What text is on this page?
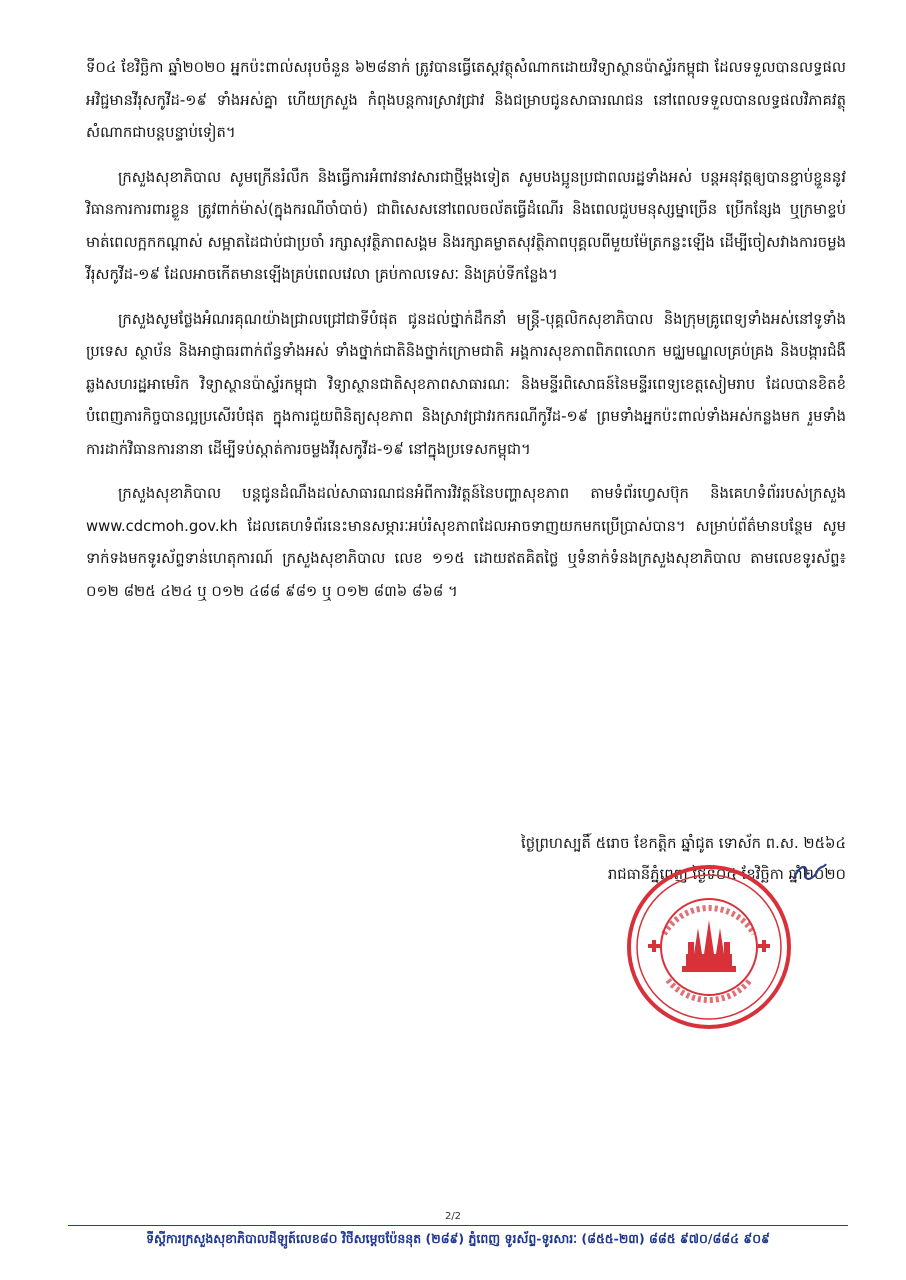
ទី០៤ ខែវិច្ឆិកា ឆ្នាំ២០២០ អ្នកប៉ះពាល់សរុបចំនួន ៦២៨នាក់ ត្រូវបានធ្វើតេស្តវត្ថុសំណាកដោយវិទ្យាស្ថានប៉ាស្ទ័រកម្ពុជា ដែលទទួលបានលទ្ធផល អវិជ្ជមានវីរុសកូវីដ-១៩ ទាំងអស់គ្នា ហើយក្រសួង កំពុងបន្តការស្រាវជ្រាវ និងជម្រាបជូនសាធារណជន នៅពេលទទួលបានលទ្ធផលវិភាគវត្ថុសំណាកជាបន្តបន្ទាប់ទៀត។

ក្រសួងសុខាភិបាល សូមក្រើនរំលឹក និងធ្វើការអំពាវនាវសារជាថ្មីម្តងទៀត សូមបងប្អូនប្រជាពលរដ្ឋទាំងអស់ បន្តអនុវត្តឲ្យបានខ្ជាប់ខ្ជួននូវវិធានការការពារខ្លួន ត្រូវពាក់ម៉ាស់(ក្នុងករណីចាំបាច់) ជាពិសេសនៅពេលចល័តធ្វើដំណើរ និងពេលជួបមនុស្សម្នាច្រើន ប្រើកន្សែង ឬក្រមាខ្ទប់មាត់ពេលក្អកកណ្តាស់ សម្អាតដៃជាប់ជាប្រចាំ រក្សាសុវត្ថិភាពសង្គម និងរក្សាគម្លាតសុវត្ថិភាពបុគ្គលពីមួយម៉ែត្រកន្លះឡើង ដើម្បីចៀសវាងការចម្លងវីរុសកូវីដ-១៩ ដែលអាចកើតមានឡើងគ្រប់ពេលវេលា គ្រប់កាលទេសៈ និងគ្រប់ទីកន្លែង។

ក្រសួងសូមថ្លែងអំណរគុណយ៉ាងជ្រាលជ្រៅជាទីបំផុត ជូនដល់ថ្នាក់ដឹកនាំ មន្ត្រី-បុគ្គលិកសុខាភិបាល និងក្រុមគ្រូពេទ្យទាំងអស់នៅទូទាំងប្រទេស ស្ថាប័ន និងអាជ្ញាធរពាក់ព័ន្ធទាំងអស់ ទាំងថ្នាក់ជាតិនិងថ្នាក់ក្រោមជាតិ អង្គការសុខភាពពិភពលោក មជ្ឈមណ្ឌលគ្រប់គ្រង និងបង្ការជំងឺឆ្លងសហរដ្ឋអាមេរិក វិទ្យាស្ថានប៉ាស្ទ័រកម្ពុជា វិទ្យាស្ថានជាតិសុខភាពសាធារណៈ និងមន្ទីរពិសោធន៍នៃមន្ទីរពេទ្យខេត្តសៀមរាប ដែលបានខិតខំបំពេញភារកិច្ចបានល្អប្រសើរបំផុត ក្នុងការជួយពិនិត្យសុខភាព និងស្រាវជ្រាវរកករណីកូវីដ-១៩ ព្រមទាំងអ្នកប៉ះពាល់ទាំងអស់កន្លងមក រួមទាំងការដាក់វិធានការនានា ដើម្បីទប់ស្កាត់ការចម្លងវីរុសកូវីដ-១៩ នៅក្នុងប្រទេសកម្ពុជា។

ក្រសួងសុខាភិបាល បន្តជូនដំណឹងដល់សាធារណជនអំពីការវិវត្តន៍នៃបញ្ហាសុខភាព តាមទំព័រហ្វេសប៊ុក និងគេហទំព័ររបស់ក្រសួង www.cdcmoh.gov.kh ដែលគេហទំព័រនេះមានសម្ភារៈអប់រំសុខភាពដែលអាចទាញយកមកប្រើប្រាស់បាន។ សម្រាប់ព័ត៌មានបន្ថែម សូមទាក់ទងមកទូរស័ព្ទទាន់ហេតុការណ៍ ក្រសួងសុខាភិបាល លេខ ១១៥ ដោយឥតគិតថ្លៃ ឬទំនាក់ទំនងក្រសួងសុខាភិបាល តាមលេខទូរស័ព្ទ៖ ០១២ ៨២៥ ៤២៤ ឬ ០១២ ៤៨៨ ៩៨១ ឬ ០១២ ៨៣៦ ៨៦៨ ។

ថ្ងៃព្រហស្បតិ៍ ៥រោច ខែកត្តិក ឆ្នាំជូត ទោស័ក ព.ស. ២៥៦៤
រាជធានីភ្នំពេញ ថ្ងៃទី០៥ ខែវិច្ឆិកា ឆ្នាំ២០២០
2/2
ទីស្តីការក្រសួងសុខាភិបាលដីឡូត៍លេខ៨០ វិថីសម្តេចប៉ែននុត (២៨៩) ភ្នំពេញ ទូរស័ព្ទ-ទូរសារៈ (៨៥៥-២៣) ៨៨៥ ៩៧០/៨៨៤ ៩០៩
